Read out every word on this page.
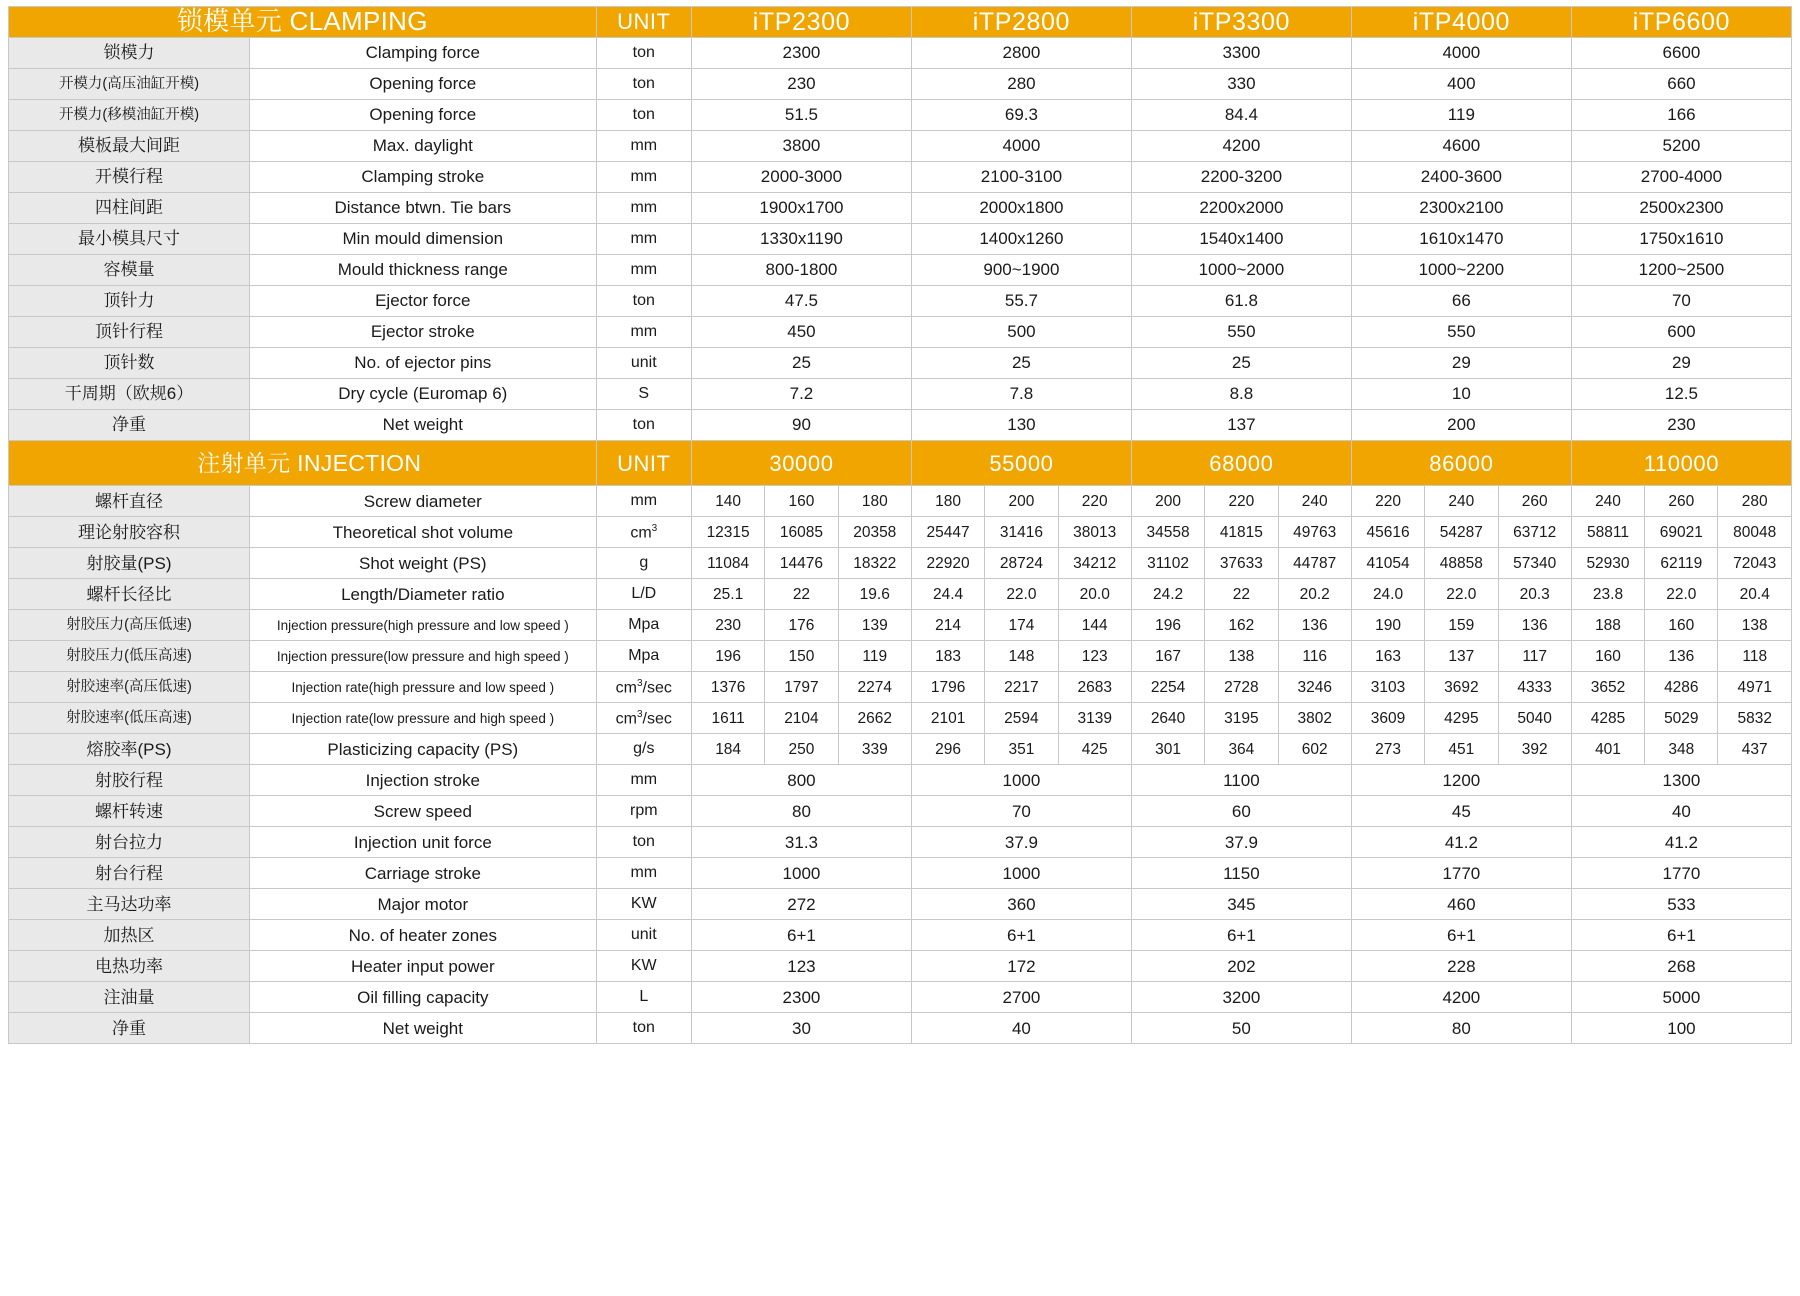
锁模单元 CLAMPING		UNIT	iTP2300			iTP2800			iTP3300			iTP4000			iTP6600		
锁模力	Clamping force	ton	2300			2800			3300			4000			6600		
开模力(高压油缸开模)	Opening force	ton	230			280			330			400			660		
开模力(移模油缸开模)	Opening force	ton	51.5			69.3			84.4			119			166		
模板最大间距	Max. daylight	mm	3800			4000			4200			4600			5200		
开模行程	Clamping stroke	mm	2000-3000			2100-3100			2200-3200			2400-3600			2700-4000		
四柱间距	Distance btwn. Tie bars	mm	1900x1700			2000x1800			2200x2000			2300x2100			2500x2300		
最小模具尺寸	Min mould dimension	mm	1330x1190			1400x1260			1540x1400			1610x1470			1750x1610		
容模量	Mould thickness range	mm	800-1800			900~1900			1000~2000			1000~2200			1200~2500		
顶针力	Ejector force	ton	47.5			55.7			61.8			66			70		
顶针行程	Ejector stroke	mm	450			500			550			550			600		
顶针数	No. of ejector pins	unit	25			25			25			29			29		
干周期（欧规6）	Dry cycle (Euromap 6)	S	7.2			7.8			8.8			10			12.5		
净重	Net weight	ton	90			130			137			200			230		
注射单元 INJECTION		UNIT	30000			55000			68000			86000			110000		
螺杆直径	Screw diameter	mm	140	160	180	180	200	220	200	220	240	220	240	260	240	260	280
理论射胶容积	Theoretical shot volume	$cm^3$	12315	16085	20358	25447	31416	38013	34558	41815	49763	45616	54287	63712	58811	69021	80048
射胶量(PS)	Shot weight (PS)	g	11084	14476	18322	22920	28724	34212	31102	37633	44787	41054	48858	57340	52930	62119	72043
螺杆长径比	Length/Diameter ratio	L/D	25.1	22	19.6	24.4	22.0	20.0	24.2	22	20.2	24.0	22.0	20.3	23.8	22.0	20.4
射胶压力(高压低速)	Injection pressure(high pressure and low speed )	Mpa	230	176	139	214	174	144	196	162	136	190	159	136	188	160	138
射胶压力(低压高速)	Injection pressure(low pressure and high speed )	Mpa	196	150	119	183	148	123	167	138	116	163	137	117	160	136	118
射胶速率(高压低速)	Injection rate(high pressure and low speed )	$cm^3/\sec$	1376	1797	2274	1796	2217	2683	2254	2728	3246	3103	3692	4333	3652	4286	4971
射胶速率(低压高速)	Injection rate(low pressure and high speed )	$cm^3/\sec$	1611	2104	2662	2101	2594	3139	2640	3195	3802	3609	4295	5040	4285	5029	5832
熔胶率(PS)	Plasticizing capacity (PS)	g/s	184	250	339	296	351	425	301	364	602	273	451	392	401	348	437
射胶行程	Injection stroke	mm	800			1000			1100			1200			1300		
螺杆转速	Screw speed	rpm	80			70			60			45			40		
射台拉力	Injection unit force	ton	31.3			37.9			37.9			41.2			41.2		
射台行程	Carriage stroke	mm	1000			1000			1150			1770			1770		
主马达功率	Major motor	KW	272			360			345			460			533		
加热区	No. of heater zones	unit	6+1			6+1			6+1			6+1			6+1		
电热功率	Heater input power	KW	123			172			202			228			268		
注油量	Oil filling capacity	L	2300			2700			3200			4200			5000		
净重	Net weight	ton	30			40			50			80			100		
